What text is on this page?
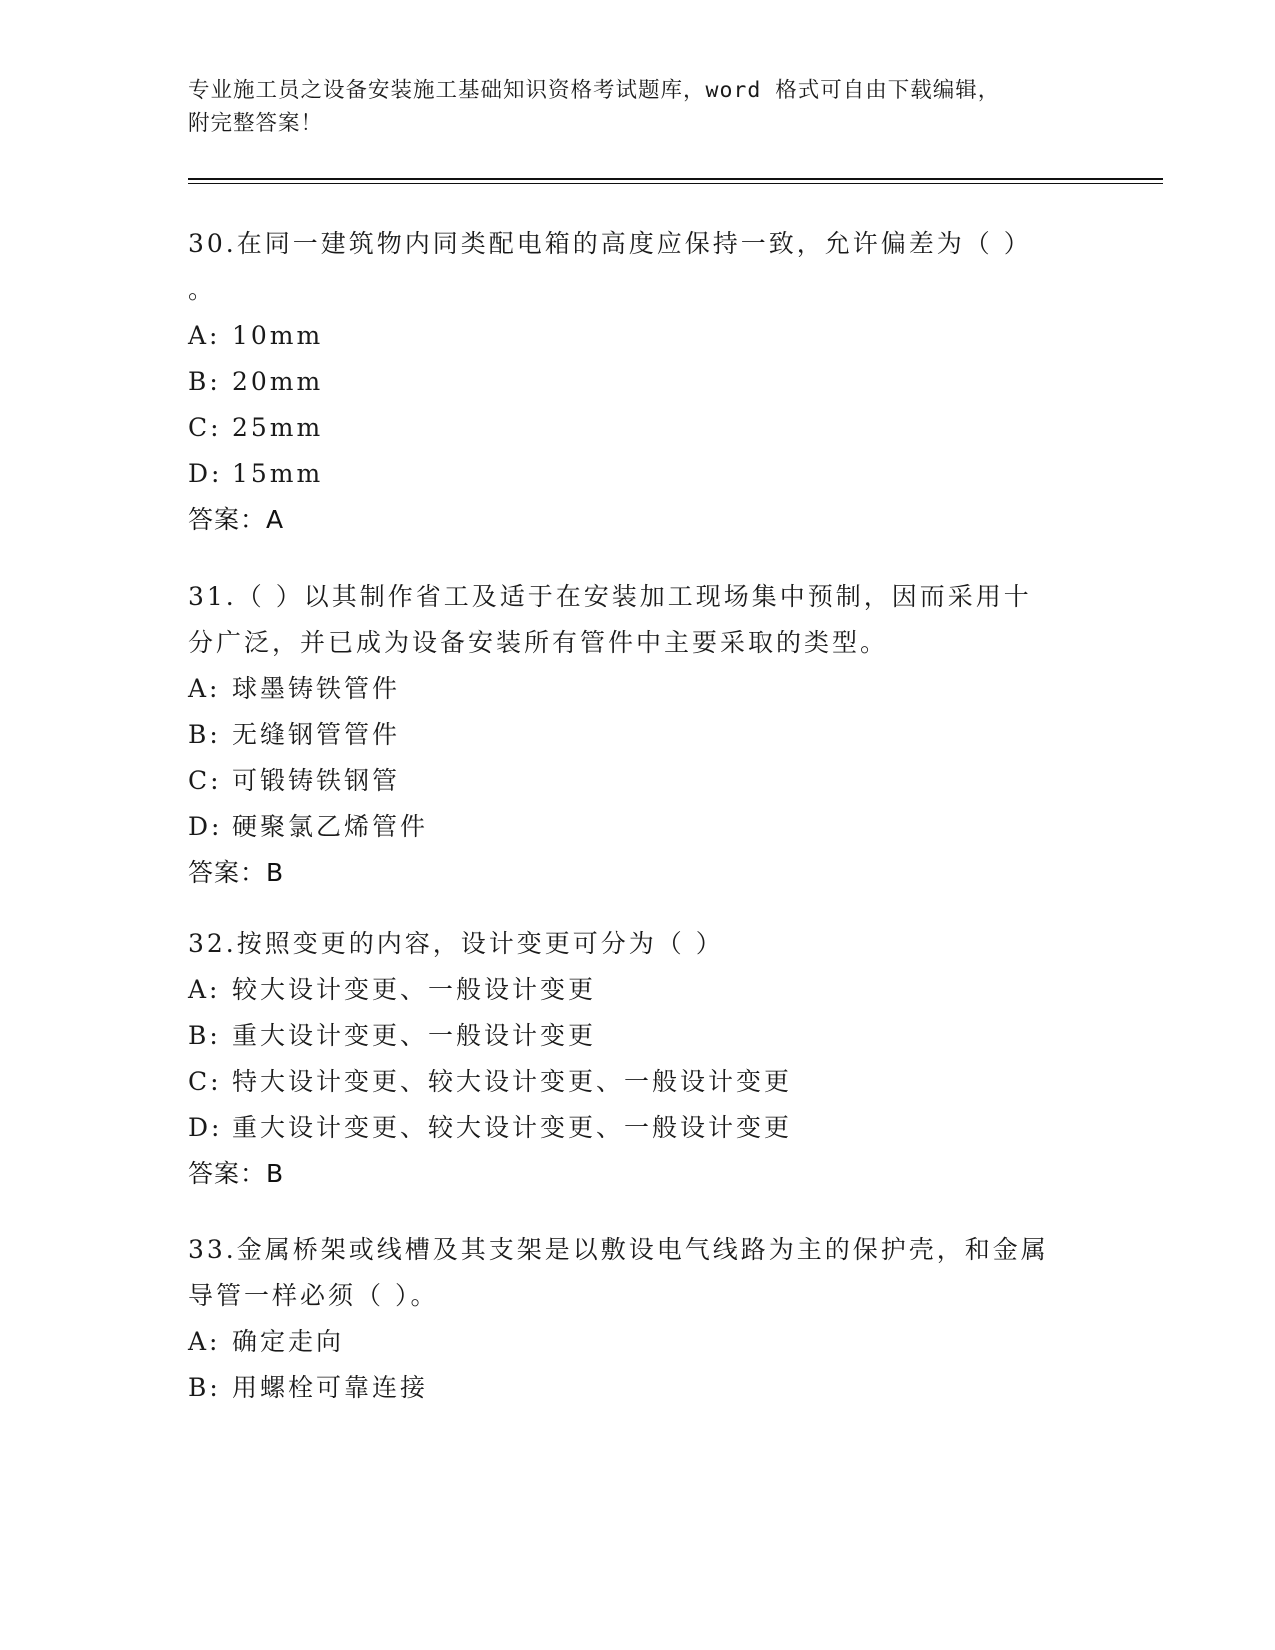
专业施工员之设备安装施工基础知识资格考试题库，word 格式可自由下载编辑，
附完整答案！

30.在同一建筑物内同类配电箱的高度应保持一致，允许偏差为（ ）

。

A: 10mm
B: 20mm
C: 25mm
D: 15mm
答案：A

31.（ ）以其制作省工及适于在安装加工现场集中预制，因而采用十

分广泛，并已成为设备安装所有管件中主要采取的类型。

A: 球墨铸铁管件
B: 无缝钢管管件
C: 可锻铸铁钢管
D: 硬聚氯乙烯管件
答案：B

32.按照变更的内容，设计变更可分为（ ）

A: 较大设计变更、一般设计变更
B: 重大设计变更、一般设计变更
C: 特大设计变更、较大设计变更、一般设计变更
D: 重大设计变更、较大设计变更、一般设计变更
答案：B

33.金属桥架或线槽及其支架是以敷设电气线路为主的保护壳，和金属

导管一样必须（ ）。

A: 确定走向
B: 用螺栓可靠连接
